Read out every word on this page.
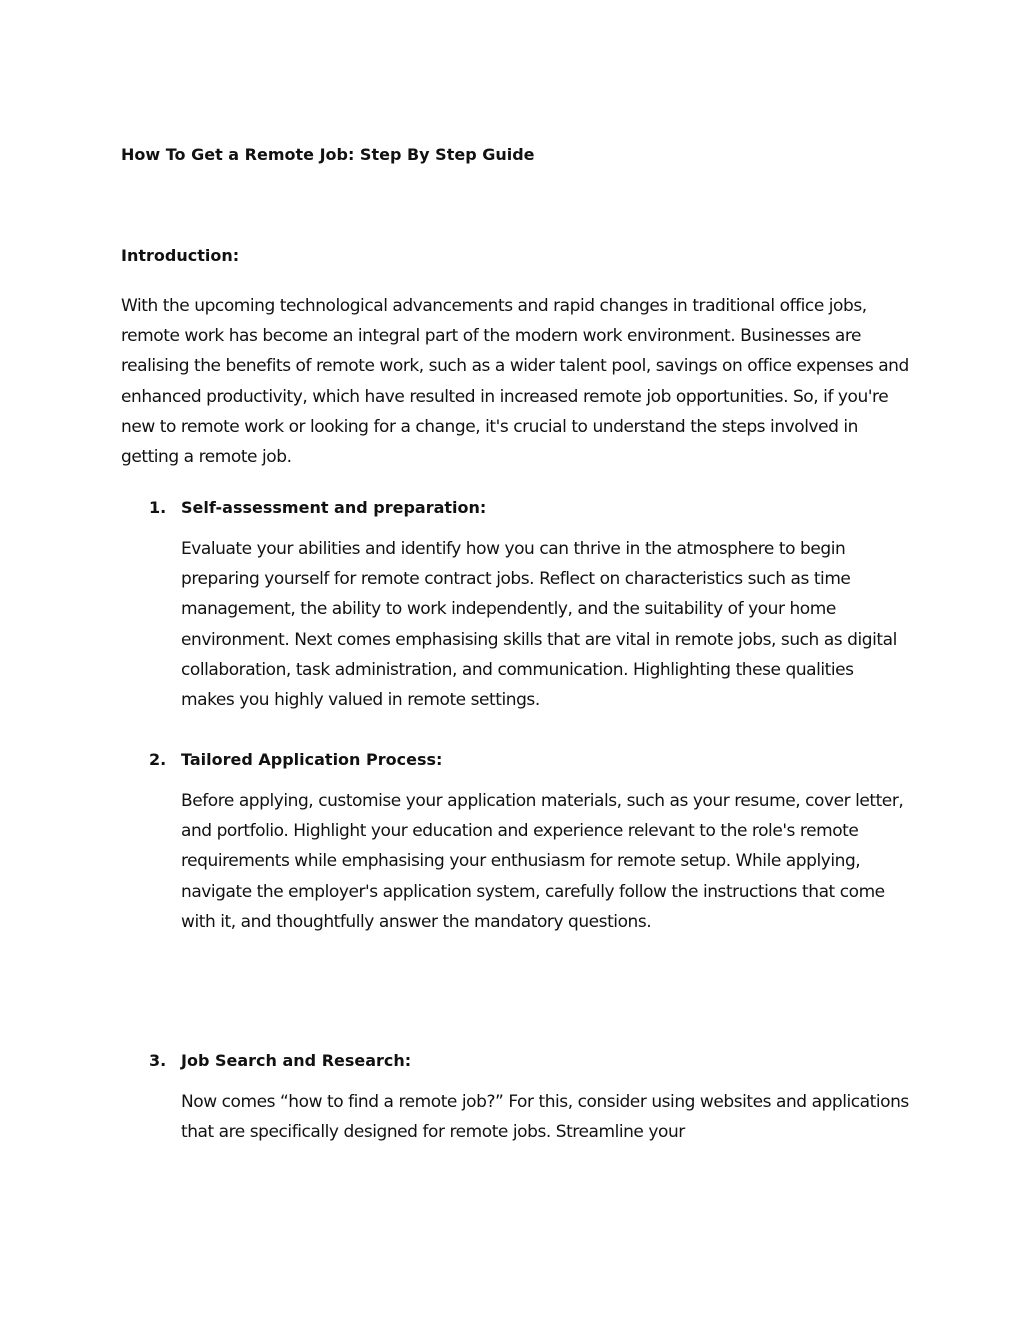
How To Get a Remote Job: Step By Step Guide
Introduction:

With the upcoming technological advancements and rapid changes in traditional office jobs, remote work has become an integral part of the modern work environment. Businesses are realising the benefits of remote work, such as a wider talent pool, savings on office expenses and enhanced productivity, which have resulted in increased remote job opportunities. So, if you're new to remote work or looking for a change, it's crucial to understand the steps involved in getting a remote job.

1. Self-assessment and preparation:

Evaluate your abilities and identify how you can thrive in the atmosphere to begin preparing yourself for remote contract jobs. Reflect on characteristics such as time management, the ability to work independently, and the suitability of your home environment. Next comes emphasising skills that are vital in remote jobs, such as digital collaboration, task administration, and communication. Highlighting these qualities makes you highly valued in remote settings.

2. Tailored Application Process:

Before applying, customise your application materials, such as your resume, cover letter, and portfolio. Highlight your education and experience relevant to the role's remote requirements while emphasising your enthusiasm for remote setup. While applying, navigate the employer's application system, carefully follow the instructions that come with it, and thoughtfully answer the mandatory questions.

3. Job Search and Research:

Now comes “how to find a remote job?” For this, consider using websites and applications that are specifically designed for remote jobs. Streamline your
